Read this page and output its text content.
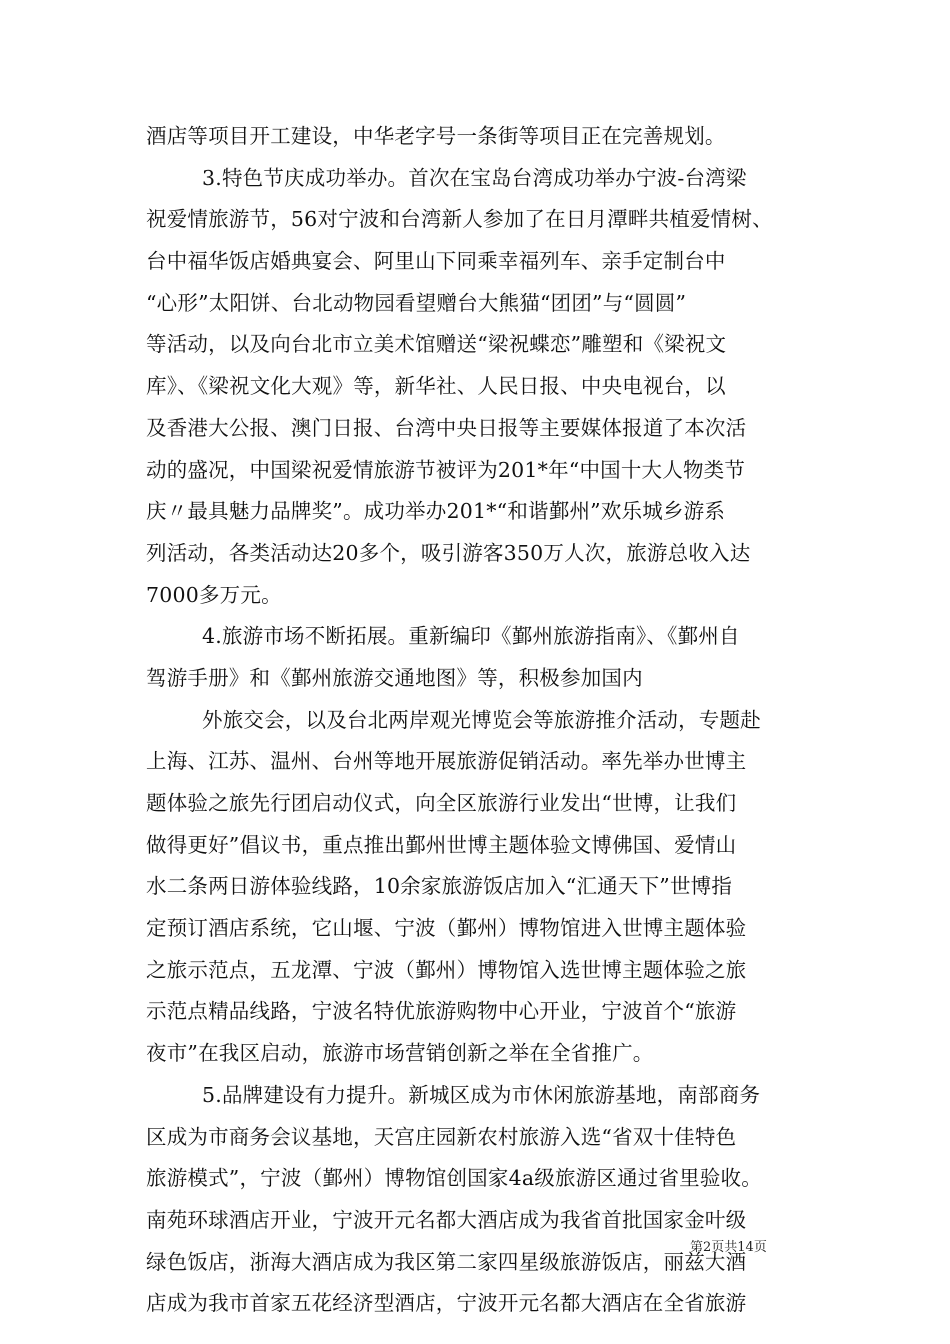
酒店等项目开工建设，中华老字号一条街等项目正在完善规划。
3.特色节庆成功举办。首次在宝岛台湾成功举办宁波-台湾梁
祝爱情旅游节，56对宁波和台湾新人参加了在日月潭畔共植爱情树、
台中福华饭店婚典宴会、阿里山下同乘幸福列车、亲手定制台中
“心形”太阳饼、台北动物园看望赠台大熊猫“团团”与“圆圆”
等活动，以及向台北市立美术馆赠送“梁祝蝶恋”雕塑和《梁祝文
库》、《梁祝文化大观》等，新华社、人民日报、中央电视台，以
及香港大公报、澳门日报、台湾中央日报等主要媒体报道了本次活
动的盛况，中国梁祝爱情旅游节被评为201*年“中国十大人物类节
庆〃最具魅力品牌奖”。成功举办201*“和谐鄞州”欢乐城乡游系
列活动，各类活动达20多个，吸引游客350万人次，旅游总收入达
7000多万元。
4.旅游市场不断拓展。重新编印《鄞州旅游指南》、《鄞州自
驾游手册》和《鄞州旅游交通地图》等，积极参加国内
外旅交会，以及台北两岸观光博览会等旅游推介活动，专题赴
上海、江苏、温州、台州等地开展旅游促销活动。率先举办世博主
题体验之旅先行团启动仪式，向全区旅游行业发出“世博，让我们
做得更好”倡议书，重点推出鄞州世博主题体验文博佛国、爱情山
水二条两日游体验线路，10余家旅游饭店加入“汇通天下”世博指
定预订酒店系统，它山堰、宁波（鄞州）博物馆进入世博主题体验
之旅示范点，五龙潭、宁波（鄞州）博物馆入选世博主题体验之旅
示范点精品线路，宁波名特优旅游购物中心开业，宁波首个“旅游
夜市”在我区启动，旅游市场营销创新之举在全省推广。
5.品牌建设有力提升。新城区成为市休闲旅游基地，南部商务
区成为市商务会议基地，天宫庄园新农村旅游入选“省双十佳特色
旅游模式”，宁波（鄞州）博物馆创国家4a级旅游区通过省里验收。
南苑环球酒店开业，宁波开元名都大酒店成为我省首批国家金叶级
绿色饭店，浙海大酒店成为我区第二家四星级旅游饭店，丽兹大酒
店成为我市首家五花经济型酒店，宁波开元名都大酒店在全省旅游
第2页共14页
